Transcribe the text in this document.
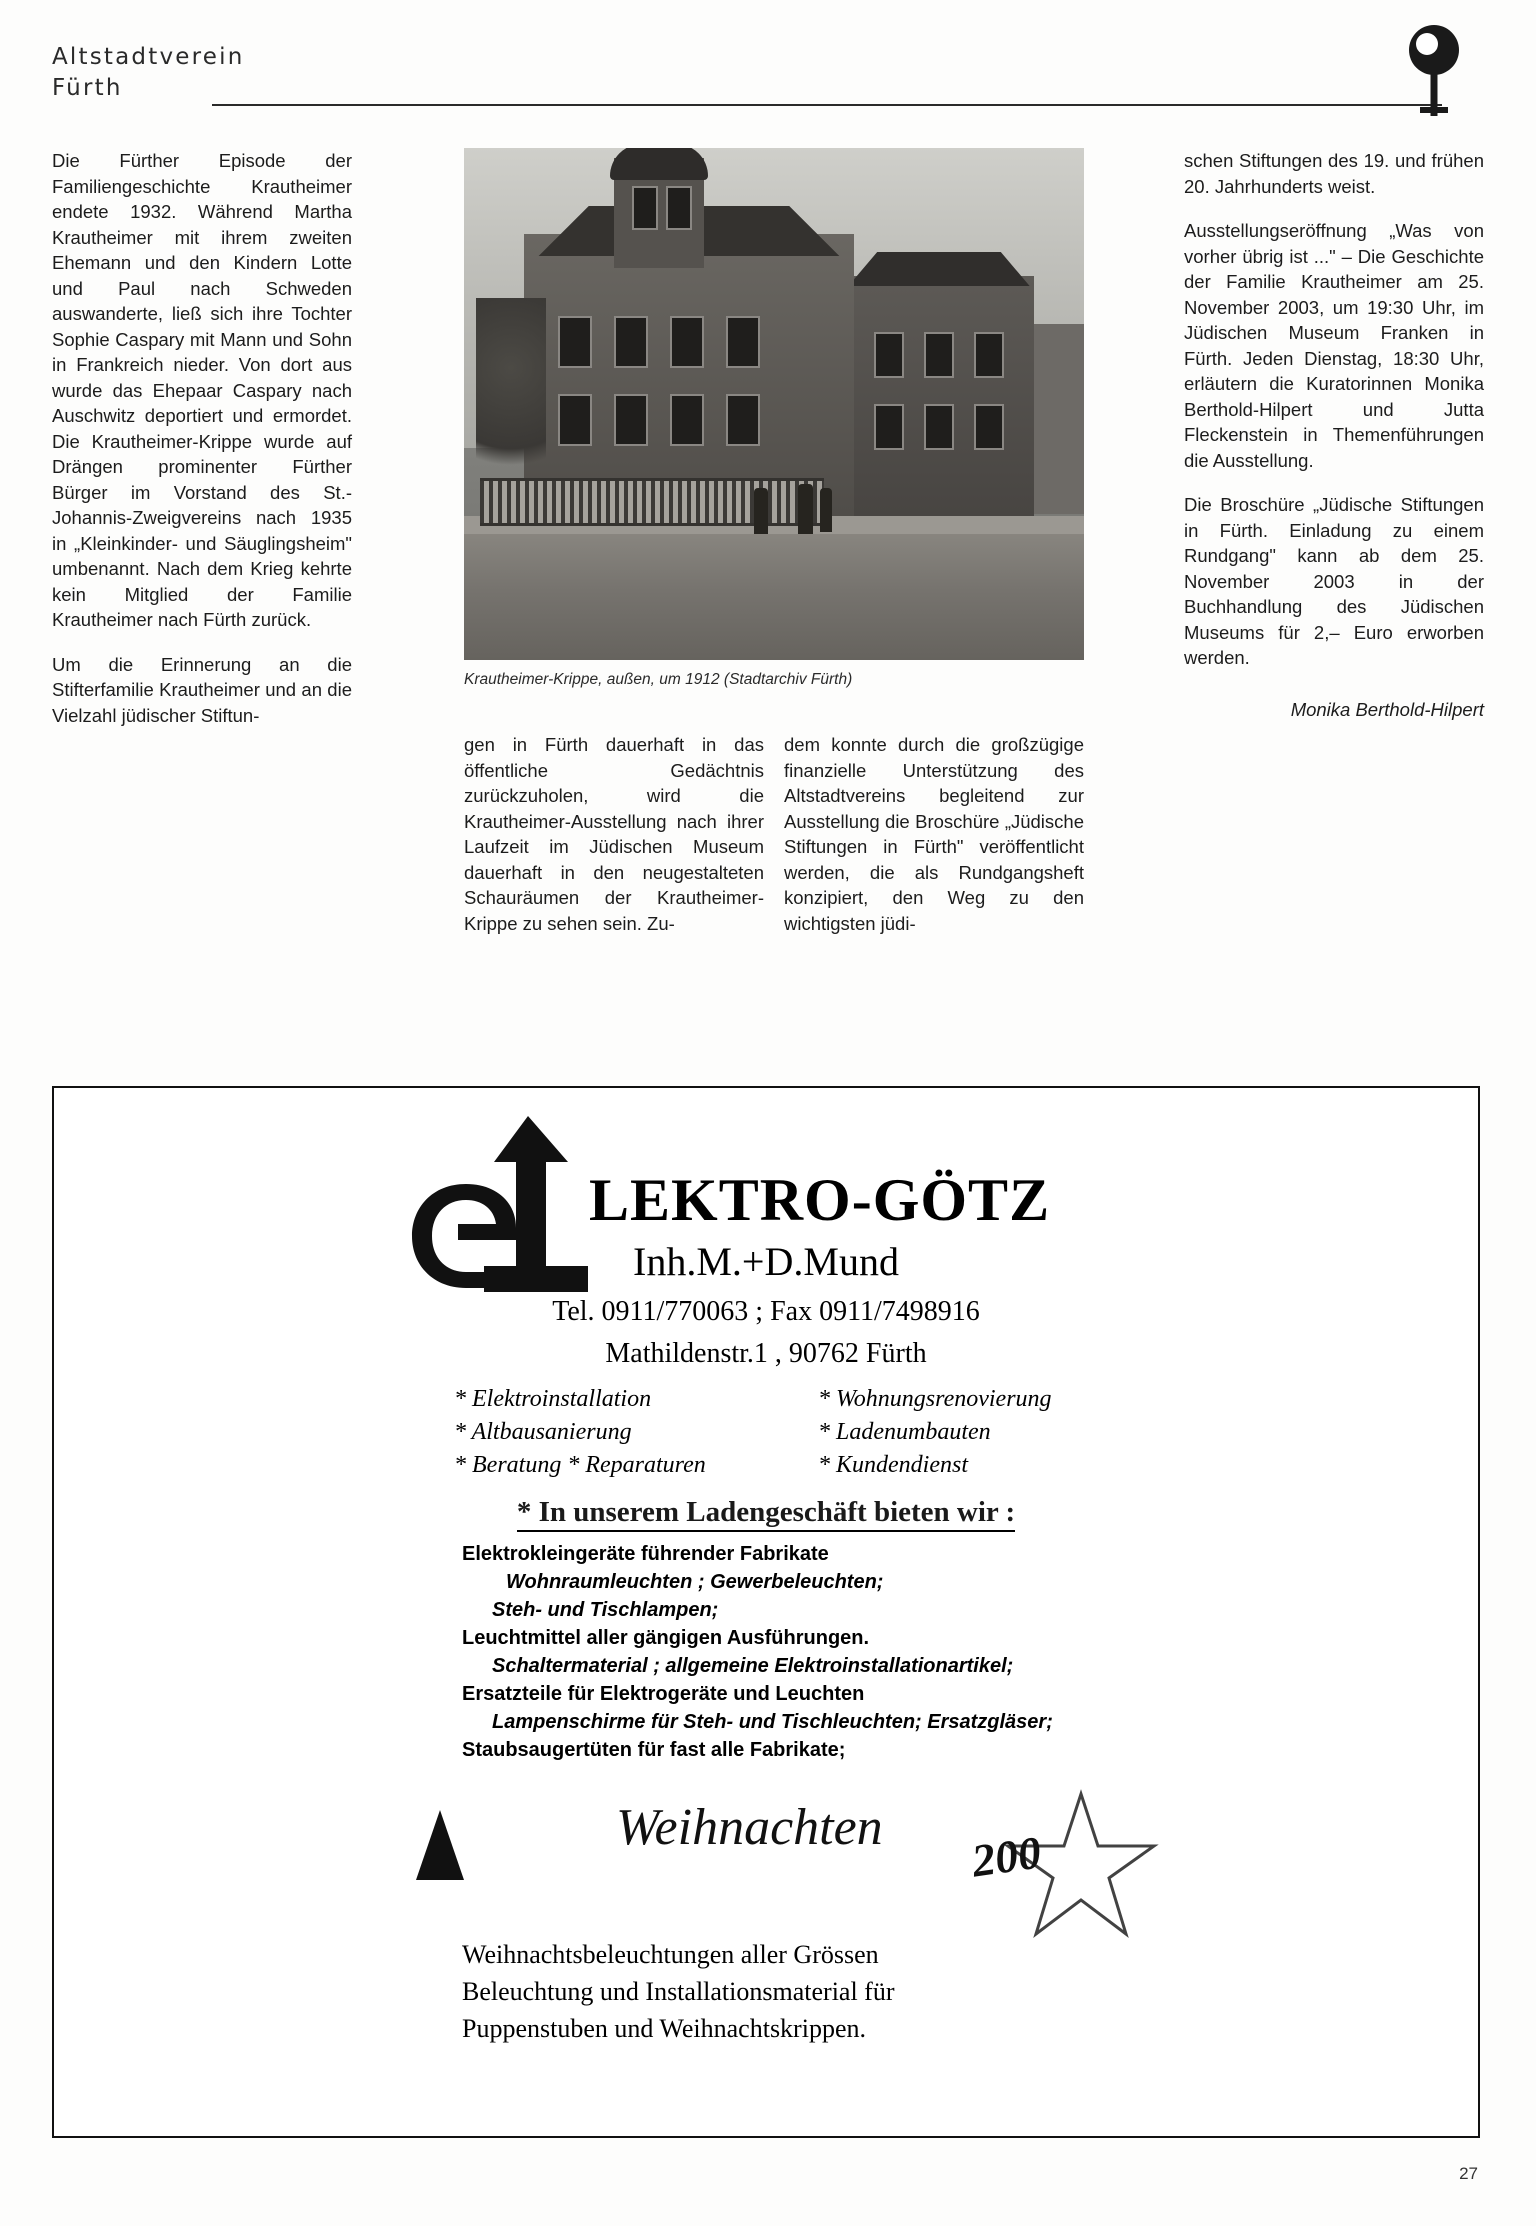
Altstadtverein
Fürth

Die Fürther Episode der Familiengeschichte Krautheimer endete 1932. Während Martha Krautheimer mit ihrem zweiten Ehemann und den Kindern Lotte und Paul nach Schweden auswanderte, ließ sich ihre Tochter Sophie Caspary mit Mann und Sohn in Frankreich nieder. Von dort aus wurde das Ehepaar Caspary nach Auschwitz deportiert und ermordet. Die Krautheimer-Krippe wurde auf Drängen prominenter Fürther Bürger im Vorstand des St.-Johannis-Zweigvereins nach 1935 in „Kleinkinder- und Säuglingsheim" umbenannt. Nach dem Krieg kehrte kein Mitglied der Familie Krautheimer nach Fürth zurück.

Um die Erinnerung an die Stifterfamilie Krautheimer und an die Vielzahl jüdischer Stiftun-

Krautheimer-Krippe, außen, um 1912 (Stadtarchiv Fürth)

gen in Fürth dauerhaft in das öffentliche Gedächtnis zurückzuholen, wird die Krautheimer-Ausstellung nach ihrer Laufzeit im Jüdischen Museum dauerhaft in den neugestalteten Schauräumen der Krautheimer-Krippe zu sehen sein. Zu-

dem konnte durch die großzügige finanzielle Unterstützung des Altstadtvereins begleitend zur Ausstellung die Broschüre „Jüdische Stiftungen in Fürth" veröffentlicht werden, die als Rundgangsheft konzipiert, den Weg zu den wichtigsten jüdi-

schen Stiftungen des 19. und frühen 20. Jahrhunderts weist.

Ausstellungseröffnung „Was von vorher übrig ist ..." – Die Geschichte der Familie Krautheimer am 25. November 2003, um 19:30 Uhr, im Jüdischen Museum Franken in Fürth. Jeden Dienstag, 18:30 Uhr, erläutern die Kuratorinnen Monika Berthold-Hilpert und Jutta Fleckenstein in Themenführungen die Ausstellung.

Die Broschüre „Jüdische Stiftungen in Fürth. Einladung zu einem Rundgang" kann ab dem 25. November 2003 in der Buchhandlung des Jüdischen Museums für 2,– Euro erworben werden.

Monika Berthold-Hilpert
LEKTRO-GÖTZ
Inh.M.+D.Mund
Tel. 0911/770063 ; Fax 0911/7498916
Mathildenstr.1 , 90762 Fürth
* Elektroinstallation	* Wohnungsrenovierung
* Altbausanierung	* Ladenumbauten
* Beratung * Reparaturen	* Kundendienst
* In unserem Ladengeschäft bieten wir :
Elektrokleingeräte führender Fabrikate
Wohnraumleuchten ; Gewerbeleuchten;
Steh- und Tischlampen;
Leuchtmittel aller gängigen Ausführungen.
Schaltermaterial ; allgemeine Elektroinstallationartikel;
Ersatzteile für Elektrogeräte und Leuchten
Lampenschirme für Steh- und Tischleuchten; Ersatzgläser;
Staubsaugertüten für fast alle Fabrikate;
Weihnachten 200
Weihnachtsbeleuchtungen aller Grössen
Beleuchtung und Installationsmaterial für
Puppenstuben und Weihnachtskrippen.
27
